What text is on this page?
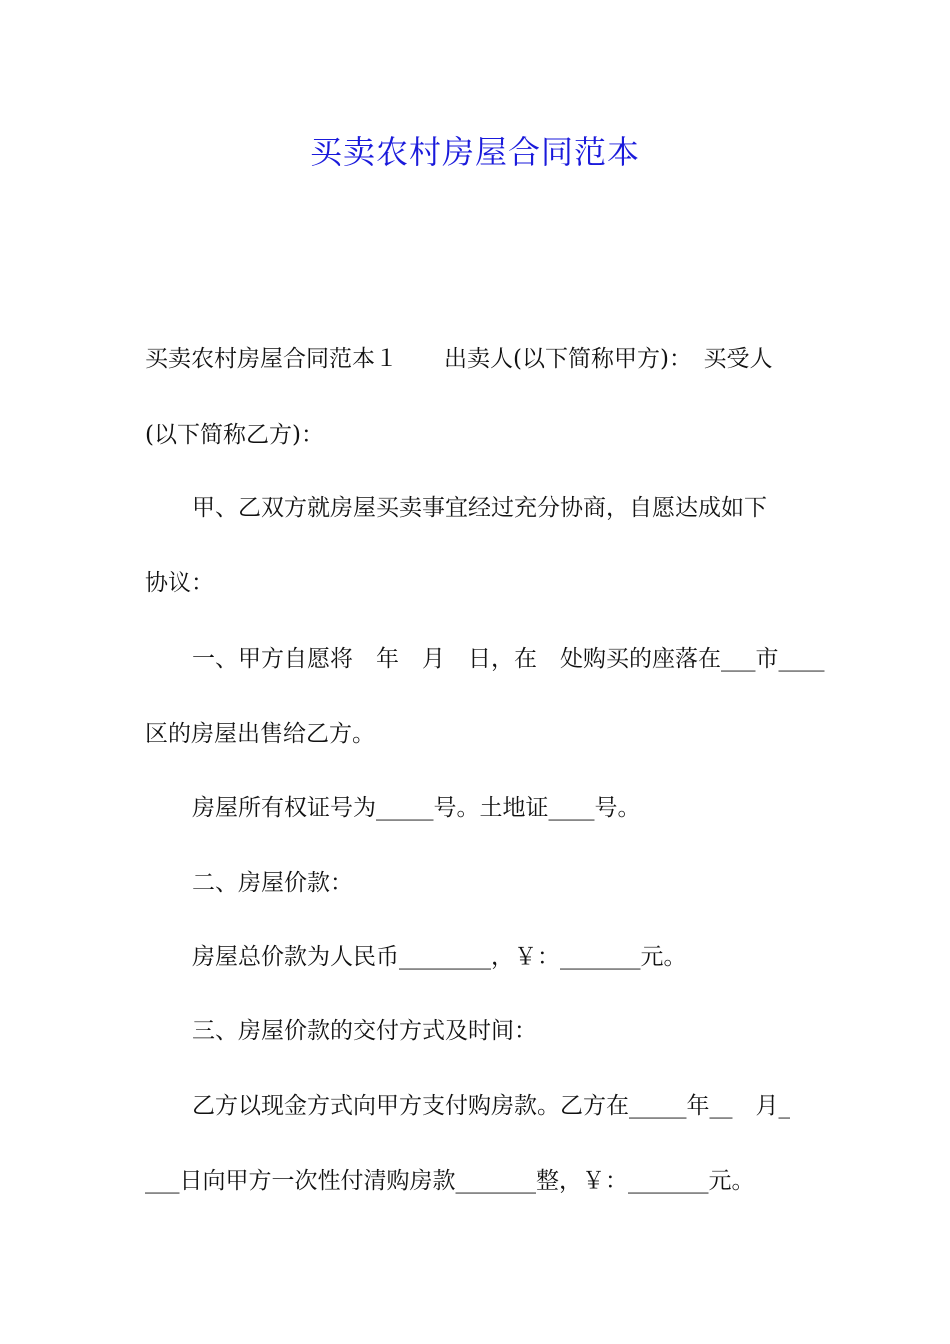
买卖农村房屋合同范本
买卖农村房屋合同范本１　　出卖人(以下简称甲方)：　买受人
(以下简称乙方)：
甲、乙双方就房屋买卖事宜经过充分协商，自愿达成如下
协议：
一、甲方自愿将　年　月　日，在　处购买的座落在___市____
区的房屋出售给乙方。
房屋所有权证号为_____号。土地证____号。
二、房屋价款：
房屋总价款为人民币________，￥：_______元。
三、房屋价款的交付方式及时间：
乙方以现金方式向甲方支付购房款。乙方在_____年__　月_
___日向甲方一次性付清购房款_______整，￥：_______元。
